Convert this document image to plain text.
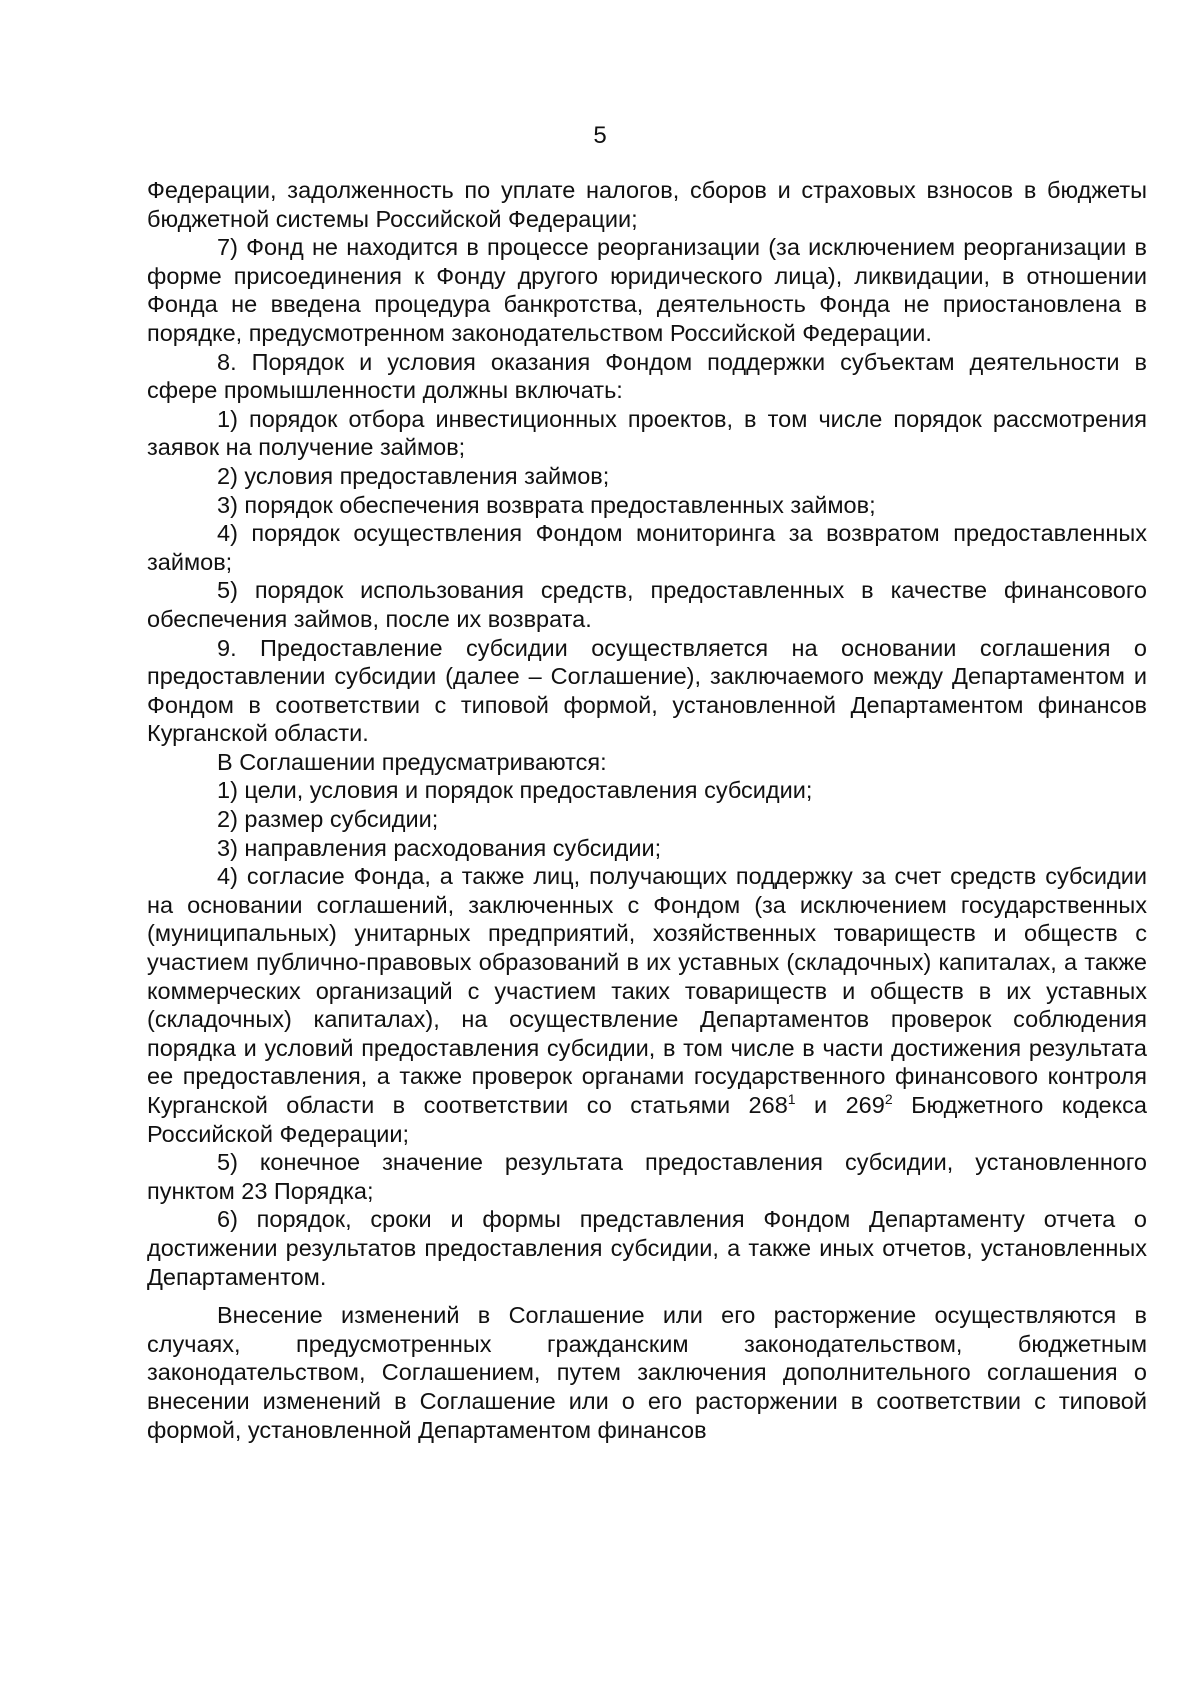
5

Федерации, задолженность по уплате налогов, сборов и страховых взносов в бюджеты бюджетной системы Российской Федерации;

7) Фонд не находится в процессе реорганизации (за исключением реорганизации в форме присоединения к Фонду другого юридического лица), ликвидации, в отношении Фонда не введена процедура банкротства, деятельность Фонда не приостановлена в порядке, предусмотренном законодательством Российской Федерации.

8. Порядок и условия оказания Фондом поддержки субъектам деятельности в сфере промышленности должны включать:

1) порядок отбора инвестиционных проектов, в том числе порядок рассмотрения заявок на получение займов;

2) условия предоставления займов;

3) порядок обеспечения возврата предоставленных займов;

4) порядок осуществления Фондом мониторинга за возвратом предоставленных займов;

5) порядок использования средств, предоставленных в качестве финансового обеспечения займов, после их возврата.

9. Предоставление субсидии осуществляется на основании соглашения о предоставлении субсидии (далее – Соглашение), заключаемого между Департаментом и Фондом в соответствии с типовой формой, установленной Департаментом финансов Курганской области.

В Соглашении предусматриваются:

1) цели, условия и порядок предоставления субсидии;

2) размер субсидии;

3) направления расходования субсидии;

4) согласие Фонда, а также лиц, получающих поддержку за счет средств субсидии на основании соглашений, заключенных с Фондом (за исключением государственных (муниципальных) унитарных предприятий, хозяйственных товариществ и обществ с участием публично-правовых образований в их уставных (складочных) капиталах, а также коммерческих организаций с участием таких товариществ и обществ в их уставных (складочных) капиталах), на осуществление Департаментов проверок соблюдения порядка и условий предоставления субсидии, в том числе в части достижения результата ее предоставления, а также проверок органами государственного финансового контроля Курганской области в соответствии со статьями $268^1$ и $269^2$ Бюджетного кодекса Российской Федерации;

5) конечное значение результата предоставления субсидии, установленного пунктом 23 Порядка;

6) порядок, сроки и формы представления Фондом Департаменту отчета о достижении результатов предоставления субсидии, а также иных отчетов, установленных Департаментом.

Внесение изменений в Соглашение или его расторжение осуществляются в случаях, предусмотренных гражданским законодательством, бюджетным законодательством, Соглашением, путем заключения дополнительного соглашения о внесении изменений в Соглашение или о его расторжении в соответствии с типовой формой, установленной Департаментом финансов
